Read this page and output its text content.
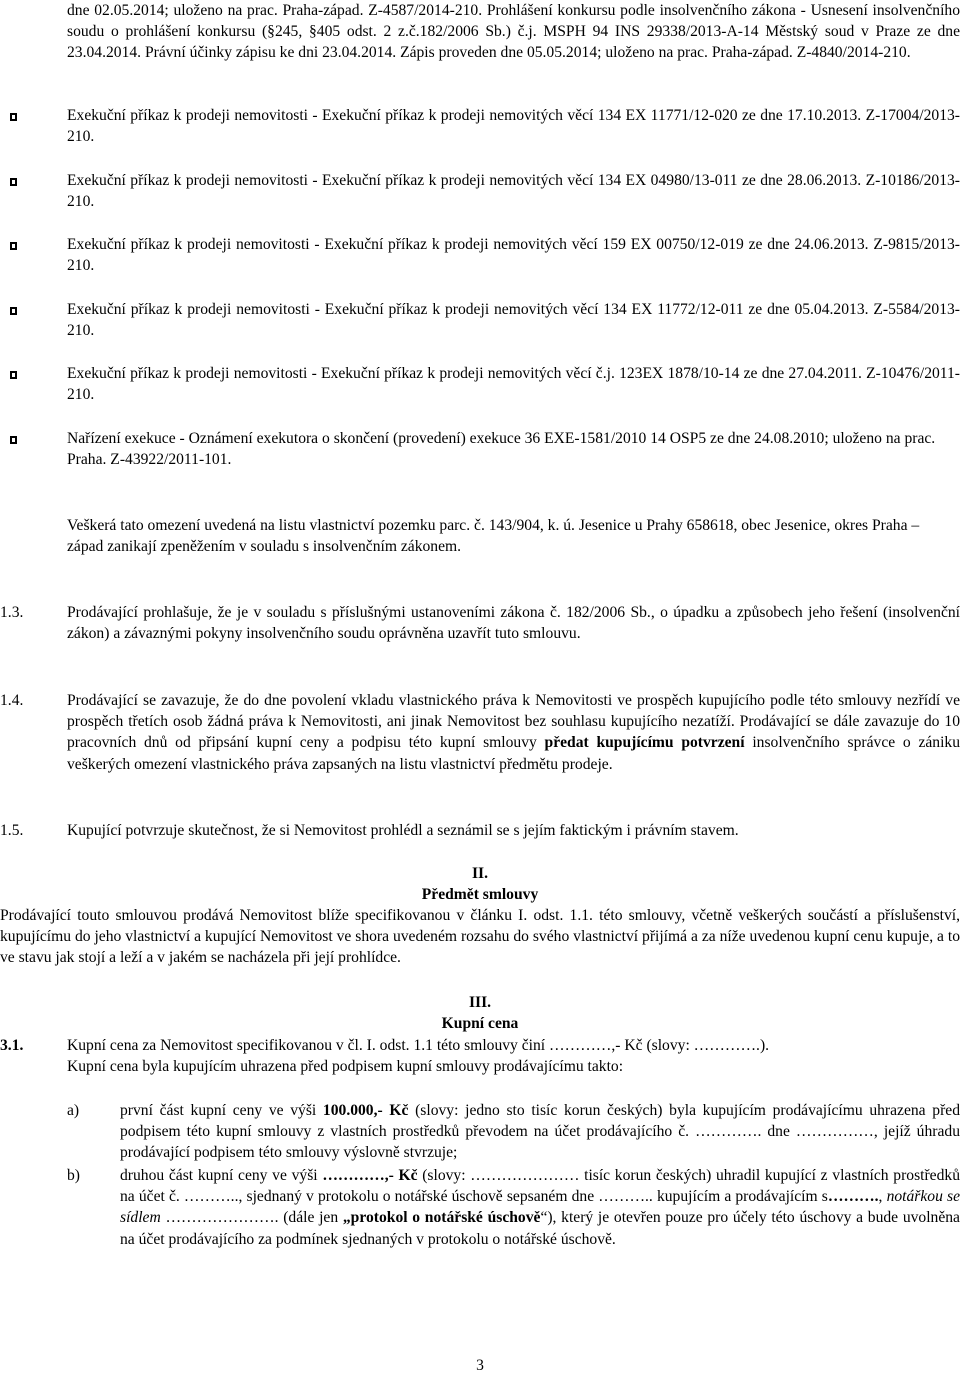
dne 02.05.2014; uloženo na prac. Praha-západ. Z-4587/2014-210. Prohlášení konkursu podle insolvenčního zákona - Usnesení insolvenčního soudu o prohlášení konkursu (§245, §405 odst. 2 z.č.182/2006 Sb.) č.j. MSPH 94 INS 29338/2013-A-14 Městský soud v Praze ze dne 23.04.2014. Právní účinky zápisu ke dni 23.04.2014. Zápis proveden dne 05.05.2014; uloženo na prac. Praha-západ. Z-4840/2014-210.
Exekuční příkaz k prodeji nemovitosti - Exekuční příkaz k prodeji nemovitých věcí 134 EX 11771/12-020 ze dne 17.10.2013. Z-17004/2013-210.
Exekuční příkaz k prodeji nemovitosti - Exekuční příkaz k prodeji nemovitých věcí 134 EX 04980/13-011 ze dne 28.06.2013. Z-10186/2013-210.
Exekuční příkaz k prodeji nemovitosti - Exekuční příkaz k prodeji nemovitých věcí 159 EX 00750/12-019 ze dne 24.06.2013. Z-9815/2013-210.
Exekuční příkaz k prodeji nemovitosti - Exekuční příkaz k prodeji nemovitých věcí 134 EX 11772/12-011 ze dne 05.04.2013. Z-5584/2013-210.
Exekuční příkaz k prodeji nemovitosti - Exekuční příkaz k prodeji nemovitých věcí č.j. 123EX 1878/10-14 ze dne 27.04.2011. Z-10476/2011-210.
Nařízení exekuce - Oznámení exekutora o skončení (provedení) exekuce 36 EXE-1581/2010 14 OSP5 ze dne 24.08.2010; uloženo na prac. Praha. Z-43922/2011-101.
Veškerá tato omezení uvedená na listu vlastnictví pozemku parc. č. 143/904, k. ú. Jesenice u Prahy 658618, obec Jesenice, okres Praha – západ zanikají zpeněžením v souladu s insolvenčním zákonem.
1.3.	Prodávající prohlašuje, že je v souladu s příslušnými ustanoveními zákona č. 182/2006 Sb., o úpadku a způsobech jeho řešení (insolvenční zákon) a závaznými pokyny insolvenčního soudu oprávněna uzavřít tuto smlouvu.
1.4.	Prodávající se zavazuje, že do dne povolení vkladu vlastnického práva k Nemovitosti ve prospěch kupujícího podle této smlouvy nezřídí ve prospěch třetích osob žádná práva k Nemovitosti, ani jinak Nemovitost bez souhlasu kupujícího nezatíží. Prodávající se dále zavazuje do 10 pracovních dnů od připsání kupní ceny a podpisu této kupní smlouvy předat kupujícímu potvrzení insolvenčního správce o zániku veškerých omezení vlastnického práva zapsaných na listu vlastnictví předmětu prodeje.
1.5.	Kupující potvrzuje skutečnost, že si Nemovitost prohlédl a seznámil se s jejím faktickým i právním stavem.
II.
Předmět smlouvy
Prodávající touto smlouvou prodává Nemovitost blíže specifikovanou v článku I. odst. 1.1. této smlouvy, včetně veškerých součástí a příslušenství, kupujícímu do jeho vlastnictví a kupující Nemovitost ve shora uvedeném rozsahu do svého vlastnictví přijímá a za níže uvedenou kupní cenu kupuje, a to ve stavu jak stojí a leží a v jakém se nacházela při její prohlídce.
III.
Kupní cena
3.1.	Kupní cena za Nemovitost specifikovanou v čl. I. odst. 1.1 této smlouvy činí …………,- Kč (slovy: ………….).
Kupní cena byla kupujícím uhrazena před podpisem kupní smlouvy prodávajícímu takto:
a)	první část kupní ceny ve výši 100.000,- Kč (slovy: jedno sto tisíc korun českých) byla kupujícím prodávajícímu uhrazena před podpisem této kupní smlouvy z vlastních prostředků převodem na účet prodávajícího č. …………. dne ……………, jejíž úhradu prodávající podpisem této smlouvy výslovně stvrzuje;
b)	druhou část kupní ceny ve výši …………,- Kč (slovy: ………………… tisíc korun českých) uhradil kupující z vlastních prostředků na účet č. ……….., sjednaný v protokolu o notářské úschově sepsaném dne ……….. kupujícím a prodávajícím s………., notářkou se sídlem …………………. (dále jen „protokol o notářské úschově“), který je otevřen pouze pro účely této úschovy a bude uvolněna na účet prodávajícího za podmínek sjednaných v protokolu o notářské úschově.
3
